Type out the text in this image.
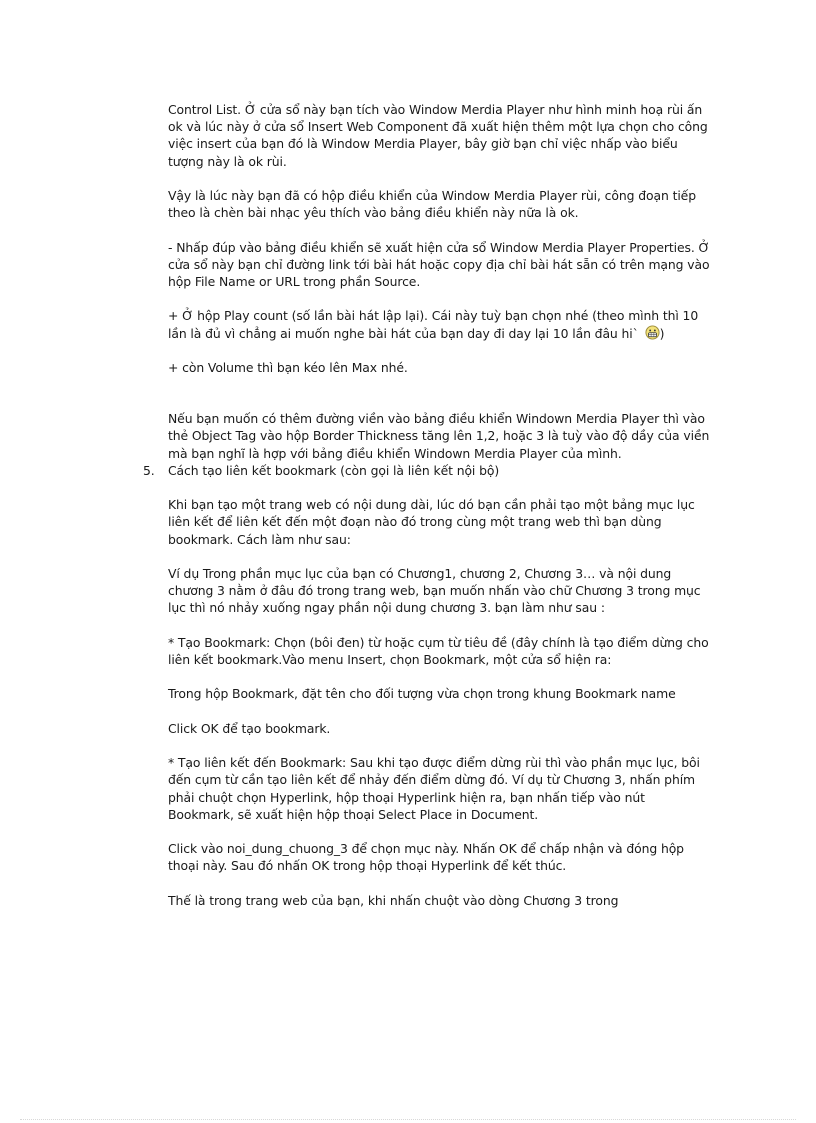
Control List. Ở cửa sổ này bạn tích vào Window Merdia Player như hình minh hoạ rùi ấn ok và lúc này ở cửa sổ Insert Web Component đã xuất hiện thêm một lựa chọn cho công việc insert của bạn đó là Window Merdia Player, bây giờ bạn chỉ việc nhấp vào biểu tượng này là ok rùi.

Vậy là lúc này bạn đã có hộp điều khiển của Window Merdia Player rùi, công đoạn tiếp theo là chèn bài nhạc yêu thích vào bảng điều khiển này nữa là ok.

- Nhấp đúp vào bảng điều khiển sẽ xuất hiện cửa sổ Window Merdia Player Properties. Ở cửa sổ này bạn chỉ đường link tới bài hát hoặc copy địa chỉ bài hát sẵn có trên mạng vào hộp File Name or URL trong phần Source.

+ Ở hộp Play count (số lần bài hát lập lại). Cái này tuỳ bạn chọn nhé (theo mình thì 10 lần là đủ vì chẳng ai muốn nghe bài hát của bạn day đi day lại 10 lần đâu hi` )

+ còn Volume thì bạn kéo lên Max nhé.

Nếu bạn muốn có thêm đường viền vào bảng điều khiển Windown Merdia Player thì vào thẻ Object Tag vào hộp Border Thickness tăng lên 1,2, hoặc 3 là tuỳ vào độ dầy của viền mà bạn nghĩ là hợp với bảng điều khiển Windown Merdia Player của mình.

5. Cách tạo liên kết bookmark (còn gọi là liên kết nội bộ)

Khi bạn tạo một trang web có nội dung dài, lúc dó bạn cần phải tạo một bảng mục lục liên kết để liên kết đến một đoạn nào đó trong cùng một trang web thì bạn dùng bookmark. Cách làm như sau:

Ví dụ Trong phần mục lục của bạn có Chương1, chương 2, Chương 3… và nội dung chương 3 nằm ở đâu đó trong trang web, bạn muốn nhấn vào chữ Chương 3 trong mục lục thì nó nhảy xuống ngay phần nội dung chương 3. bạn làm như sau :

* Tạo Bookmark: Chọn (bôi đen) từ hoặc cụm từ tiêu đề (đây chính là tạo điểm dừng cho liên kết bookmark.Vào menu Insert, chọn Bookmark, một cửa sổ hiện ra:

Trong hộp Bookmark, đặt tên cho đối tượng vừa chọn trong khung Bookmark name

Click OK để tạo bookmark.

* Tạo liên kết đến Bookmark: Sau khi tạo được điểm dừng rùi thì vào phần mục lục, bôi đến cụm từ cần tạo liên kết để nhảy đến điểm dừng đó. Ví dụ từ Chương 3, nhấn phím phải chuột chọn Hyperlink, hộp thoại Hyperlink hiện ra, bạn nhấn tiếp vào nút Bookmark, sẽ xuất hiện hộp thoại Select Place in Document.

Click vào noi_dung_chuong_3 để chọn mục này. Nhấn OK để chấp nhận và đóng hộp thoại này. Sau đó nhấn OK trong hộp thoại Hyperlink để kết thúc.

Thế là trong trang web của bạn, khi nhấn chuột vào dòng Chương 3 trong
